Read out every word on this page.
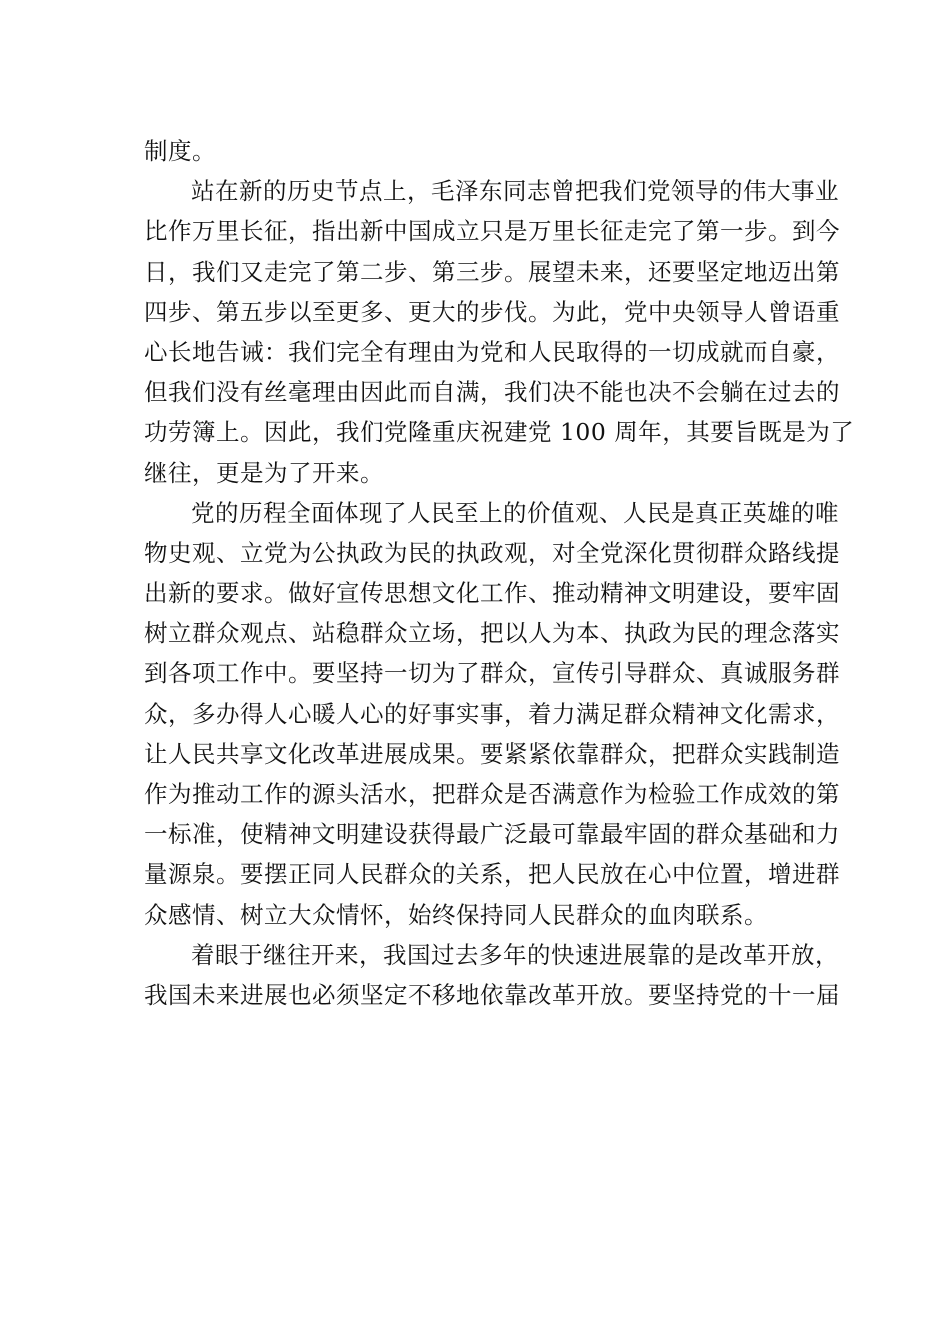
制度。
站在新的历史节点上，毛泽东同志曾把我们党领导的伟大事业
比作万里长征，指出新中国成立只是万里长征走完了第一步。到今
日，我们又走完了第二步、第三步。展望未来，还要坚定地迈出第
四步、第五步以至更多、更大的步伐。为此，党中央领导人曾语重
心长地告诫：我们完全有理由为党和人民取得的一切成就而自豪，
但我们没有丝毫理由因此而自满，我们决不能也决不会躺在过去的
功劳簿上。因此，我们党隆重庆祝建党 100 周年，其要旨既是为了
继往，更是为了开来。
党的历程全面体现了人民至上的价值观、人民是真正英雄的唯
物史观、立党为公执政为民的执政观，对全党深化贯彻群众路线提
出新的要求。做好宣传思想文化工作、推动精神文明建设，要牢固
树立群众观点、站稳群众立场，把以人为本、执政为民的理念落实
到各项工作中。要坚持一切为了群众，宣传引导群众、真诚服务群
众，多办得人心暖人心的好事实事，着力满足群众精神文化需求，
让人民共享文化改革进展成果。要紧紧依靠群众，把群众实践制造
作为推动工作的源头活水，把群众是否满意作为检验工作成效的第
一标准，使精神文明建设获得最广泛最可靠最牢固的群众基础和力
量源泉。要摆正同人民群众的关系，把人民放在心中位置，增进群
众感情、树立大众情怀，始终保持同人民群众的血肉联系。
着眼于继往开来，我国过去多年的快速进展靠的是改革开放，
我国未来进展也必须坚定不移地依靠改革开放。要坚持党的十一届
